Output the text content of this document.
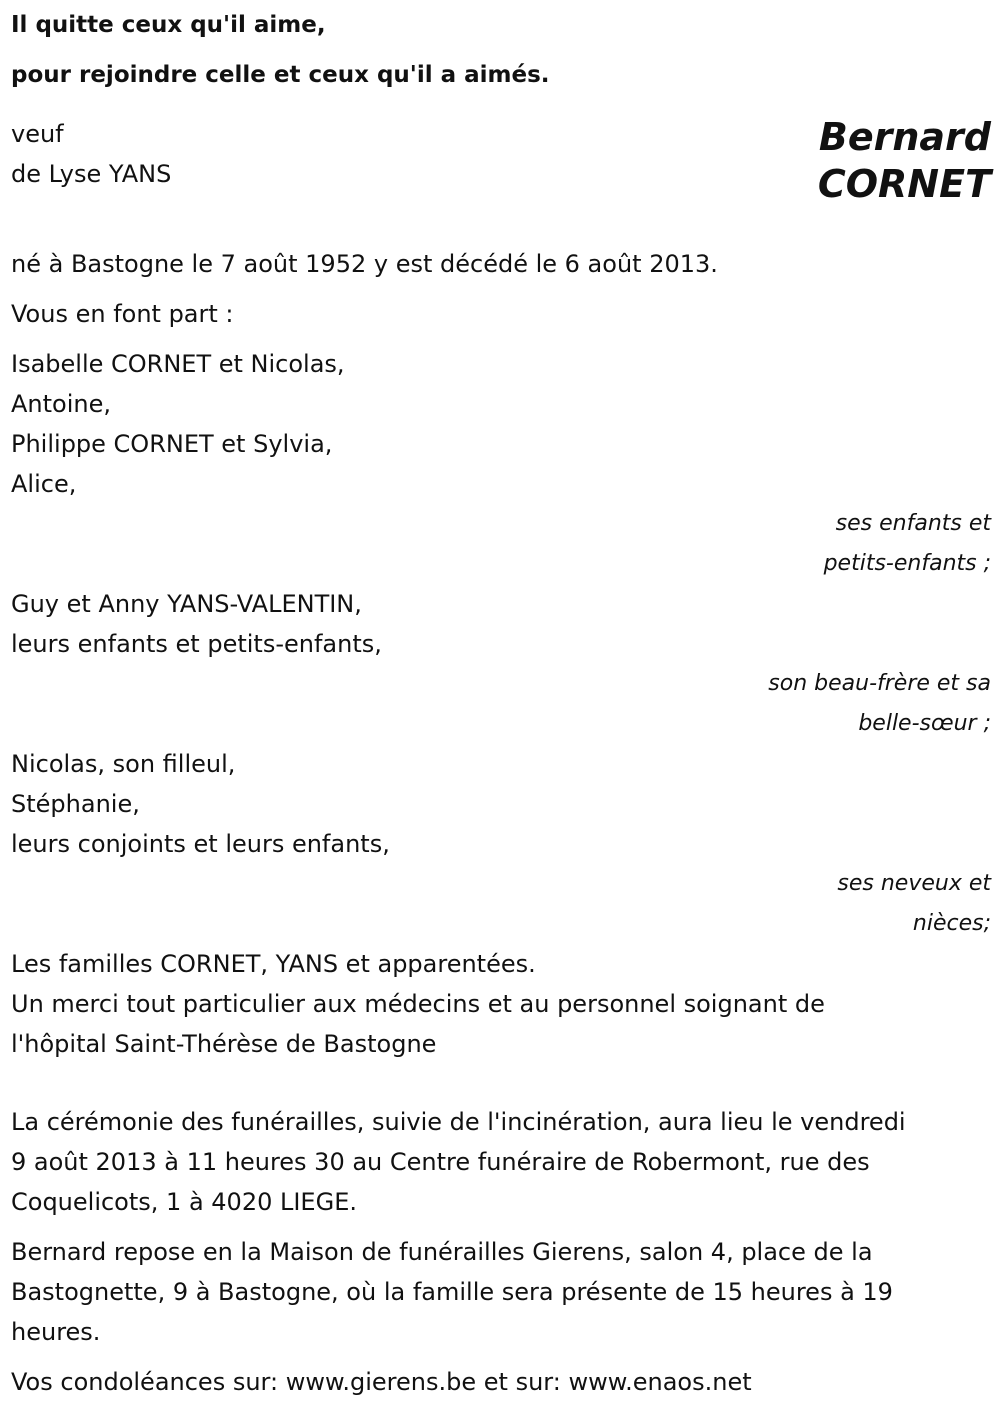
Il quitte ceux qu'il aime,

pour rejoindre celle et ceux qu'il a aimés.

veuf
de Lyse YANS
Bernard
CORNET

né à Bastogne le 7 août 1952 y est décédé le 6 août 2013.

Vous en font part :

Isabelle CORNET et Nicolas,

Antoine,

Philippe CORNET et Sylvia,

Alice,

ses enfants et

petits-enfants ;

Guy et Anny YANS-VALENTIN,

leurs enfants et petits-enfants,

son beau-frère et sa

belle-sœur ;

Nicolas, son filleul,

Stéphanie,

leurs conjoints et leurs enfants,

ses neveux et

nièces;

Les familles CORNET, YANS et apparentées.

Un merci tout particulier aux médecins et au personnel soignant de

l'hôpital Saint-Thérèse de Bastogne

La cérémonie des funérailles, suivie de l'incinération, aura lieu le vendredi
9 août 2013 à 11 heures 30 au Centre funéraire de Robermont, rue des
Coquelicots, 1 à 4020 LIEGE.
Bernard repose en la Maison de funérailles Gierens, salon 4, place de la
Bastognette, 9 à Bastogne, où la famille sera présente de 15 heures à 19
heures.

Vos condoléances sur: www.gierens.be et sur: www.enaos.net
